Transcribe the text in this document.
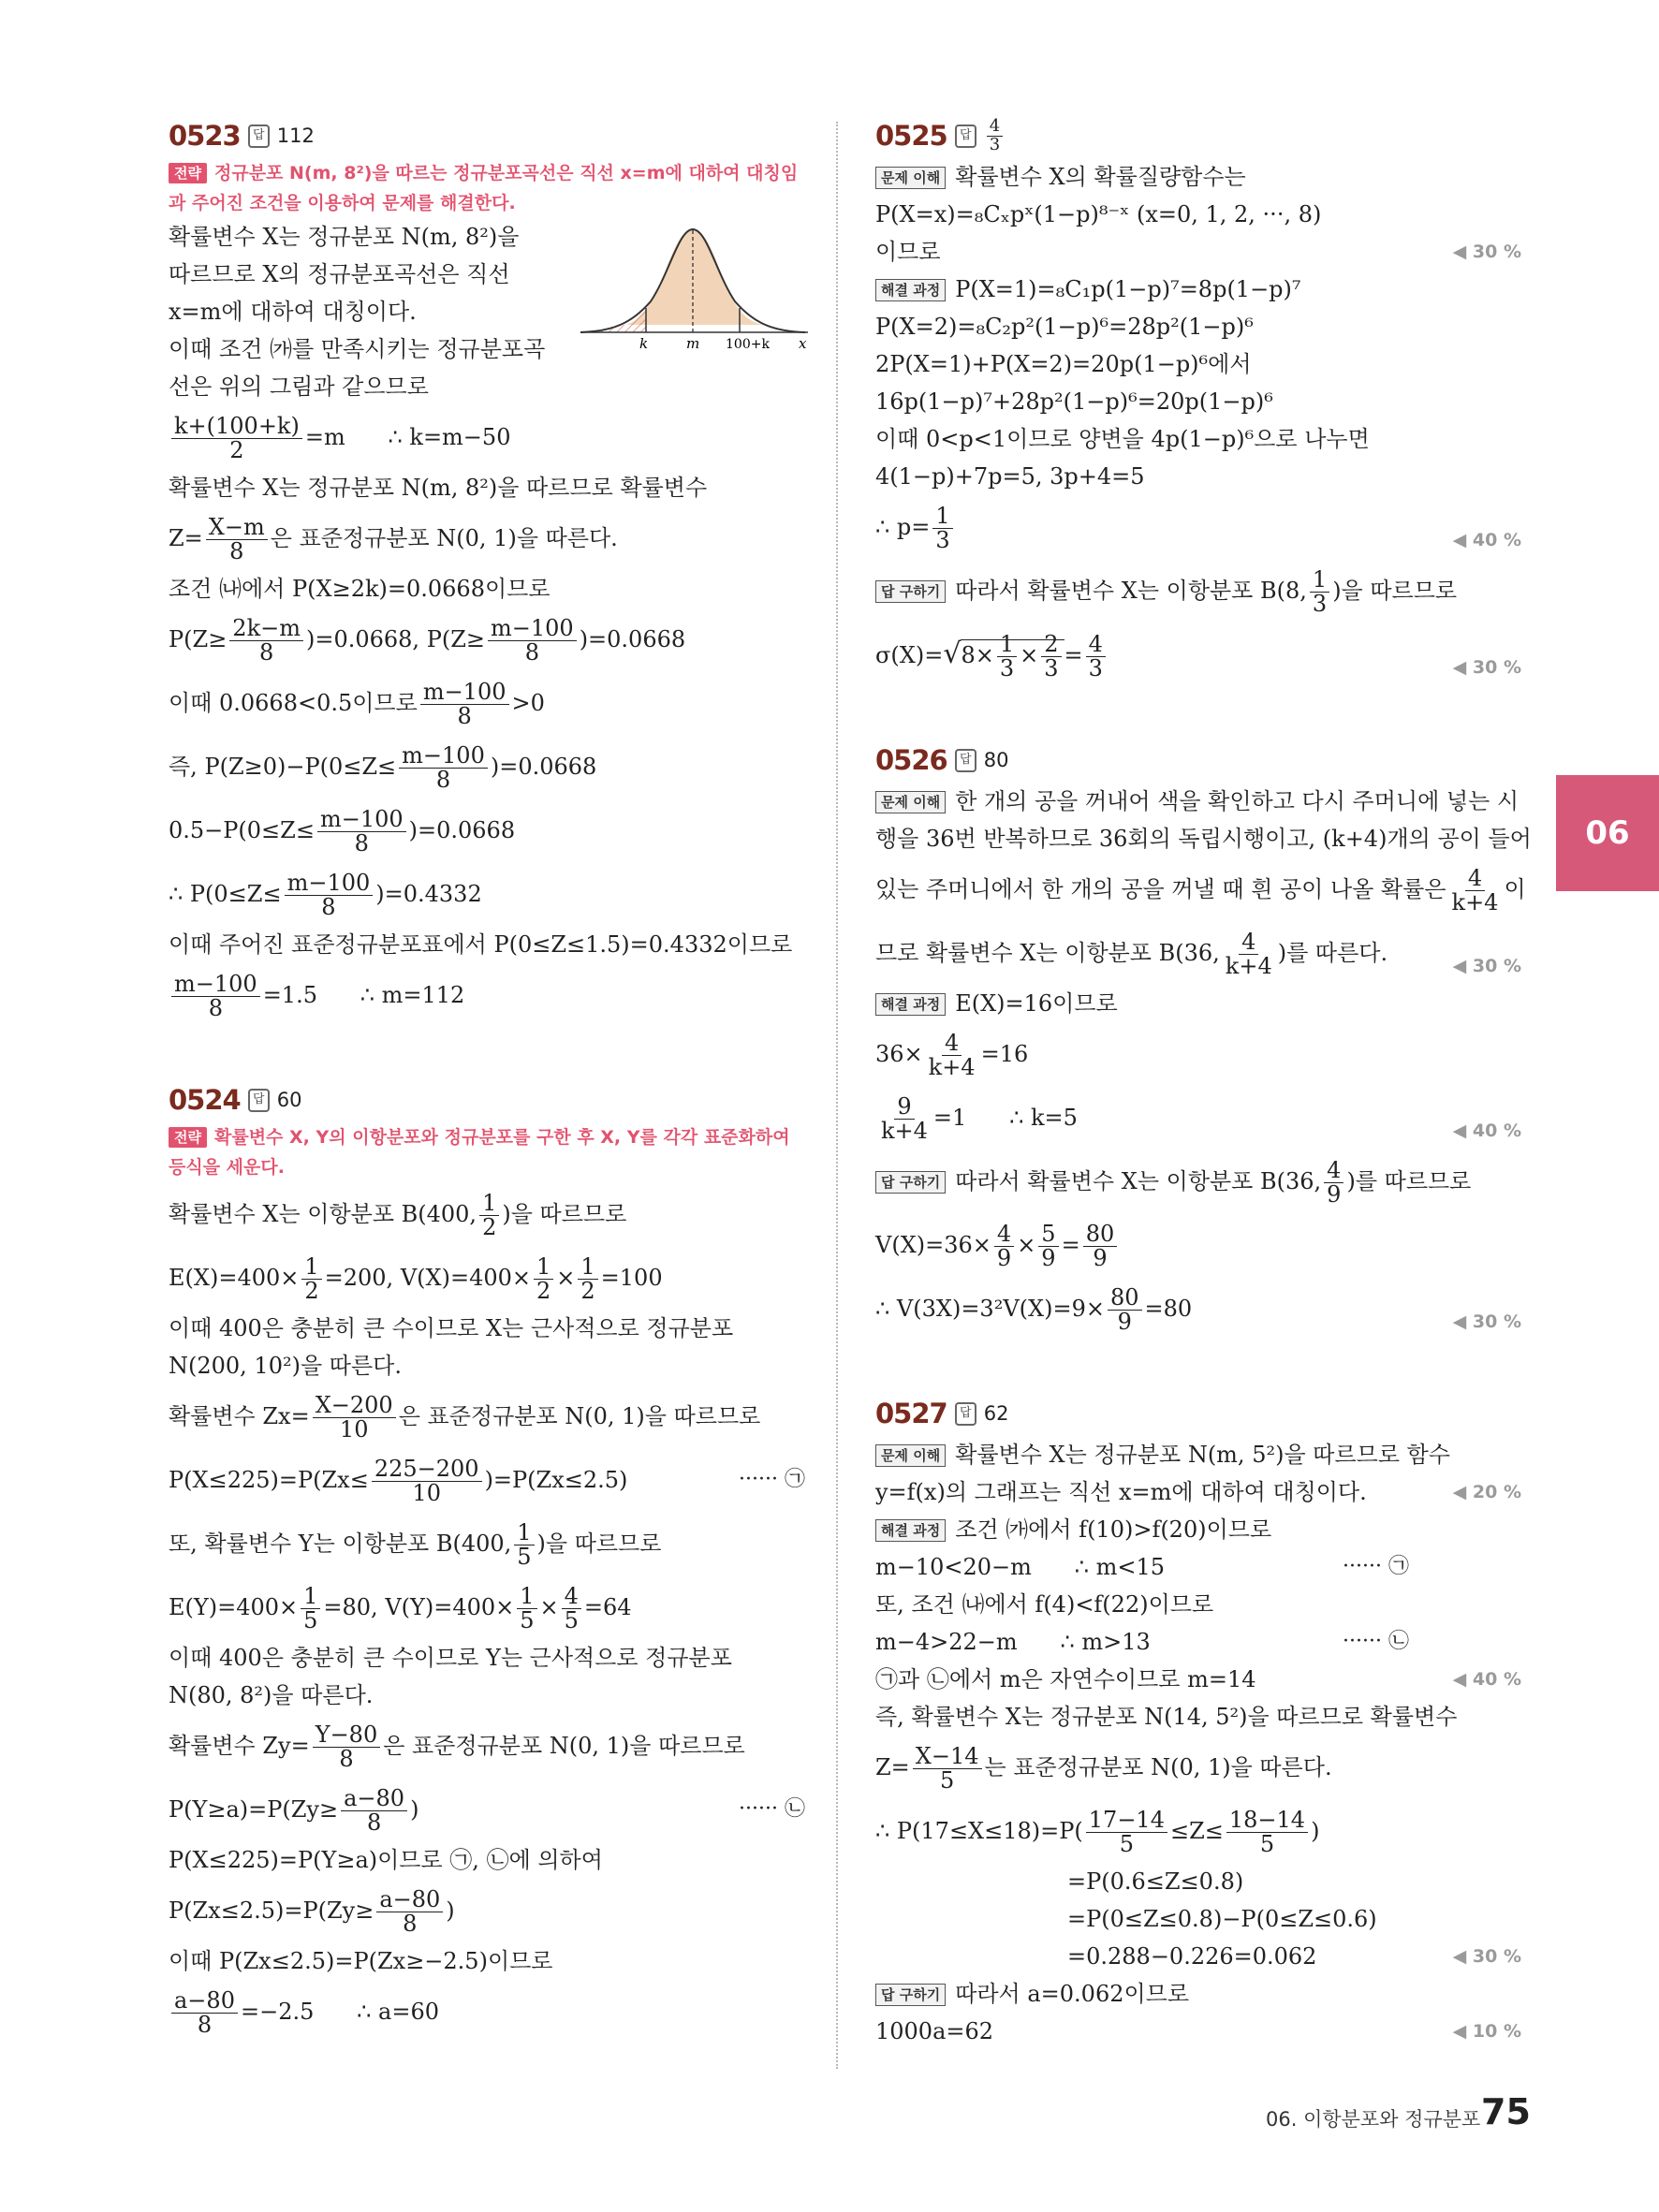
0523	답 112
전략 정규분포 N(m, 8²)을 따르는 정규분포곡선은 직선 x=m에 대하여 대칭임
과 주어진 조건을 이용하여 문제를 해결한다.
확률변수 X는 정규분포 N(m, 8²)을
따르므로 X의 정규분포곡선은 직선
x=m에 대하여 대칭이다.
이때 조건 ㈎를 만족시키는 정규분포곡
선은 위의 그림과 같으므로
k	m 100+k x
$\frac{k+(100+k)}{2} =m$ ∴ k=m−50
확률변수 X는 정규분포 N(m, 8²)을 따르므로 확률변수
$Z= \frac{X-m}{8}$ 은 표준정규분포 N(0, 1)을 따른다.
조건 ㈏에서 P(X≥2k)=0.0668이므로
$P(Z\ge \frac{2k-m}{8} )=0.0668$, $P(Z\ge \frac{m-100}{8} )=0.0668$
이때 0.0668<0.5이므로 $\frac{m-100}{8} >0$
즉, $P(Z\ge 0)-P(0\le Z\le \frac{m-100}{8} )=0.0668$
$0.5-P(0\le Z\le \frac{m-100}{8} )=0.0668$
∴ $P(0\le Z\le \frac{m-100}{8} )=0.4332$
이때 주어진 표준정규분포표에서 P(0≤Z≤1.5)=0.4332이므로
$\frac{m-100}{8} =1.5$ ∴ m=112
0524	답 60
전략 확률변수 X, Y의 이항분포와 정규분포를 구한 후 X, Y를 각각 표준화하여
등식을 세운다.
확률변수 X는 이항분포 B(400, $\frac{1}{2}$ )을 따르므로
$E(X)=400\times \frac{1}{2} =200$, $V(X)=400\times \frac{1}{2} \times \frac{1}{2} =100$
이때 400은 충분히 큰 수이므로 X는 근사적으로 정규분포
N(200, 10²)을 따른다.
확률변수 $Zx= \frac{X-200}{10}$ 은 표준정규분포 N(0, 1)을 따르므로
$P(X\le 225)=P(Zx\le \frac{225-200}{10} )=P(Zx\le 2.5)$	······ ㉠
또, 확률변수 Y는 이항분포 B(400, $\frac{1}{5}$ )을 따르므로
$E(Y)=400\times \frac{1}{5} =80$, $V(Y)=400\times \frac{1}{5} \times \frac{4}{5} =64$
이때 400은 충분히 큰 수이므로 Y는 근사적으로 정규분포
N(80, 8²)을 따른다.
확률변수 $Zy= \frac{Y-80}{8}$ 은 표준정규분포 N(0, 1)을 따르므로
$P(Y\ge a)=P(Zy\ge \frac{a-80}{8}$ )	······ ㉡
P(X≤225)=P(Y≥a)이므로 ㉠, ㉡에 의하여
$P(Zx\le 2.5)=P(Zy\ge \frac{a-80}{8}$ )
이때 P(Zx≤2.5)=P(Zx≥−2.5)이므로
$\frac{a-80}{8} =-2.5$ ∴ a=60
0525	답 $\frac{4}{3}$
문제 이해 확률변수 X의 확률질량함수는
P(X=x)=₈Cₓpˣ(1−p)⁸⁻ˣ (x=0, 1, 2, ···, 8)
이므로	◀ 30 %
해결 과정 P(X=1)=₈C₁p(1−p)⁷=8p(1−p)⁷
P(X=2)=₈C₂p²(1−p)⁶=28p²(1−p)⁶
2P(X=1)+P(X=2)=20p(1−p)⁶에서
16p(1−p)⁷+28p²(1−p)⁶=20p(1−p)⁶
이때 0<p<1이므로 양변을 4p(1−p)⁶으로 나누면
4(1−p)+7p=5, 3p+4=5
∴ $p= \frac{1}{3}$	◀ 40 %
답 구하기 따라서 확률변수 X는 이항분포 B(8, $\frac{1}{3}$ )을 따르므로
$\sigma(X)=√8\times \frac{1}{3} \times \frac{2}{3} = \frac{4}{3}$	◀ 30 %
0526	답 80
문제 이해 한 개의 공을 꺼내어 색을 확인하고 다시 주머니에 넣는 시
행을 36번 반복하므로 36회의 독립시행이고, (k+4)개의 공이 들어
있는 주머니에서 한 개의 공을 꺼낼 때 흰 공이 나올 확률은 $\frac{4}{k+4}$ 이
므로 확률변수 X는 이항분포 B(36, $\frac{4}{k+4}$ )를 따른다.	◀ 30 %
해결 과정 E(X)=16이므로
$36\times \frac{4}{k+4} =16$
$\frac{9}{k+4} =1$ ∴ k=5	◀ 40 %
답 구하기 따라서 확률변수 X는 이항분포 B(36, $\frac{4}{9}$ )를 따르므로
$V(X)=36\times \frac{4}{9} \times \frac{5}{9} = \frac{80}{9}$
∴ $V(3X)=3^2V(X)=9\times \frac{80}{9} =80$	◀ 30 %
0527	답 62
문제 이해 확률변수 X는 정규분포 N(m, 5²)을 따르므로 함수
y=f(x)의 그래프는 직선 x=m에 대하여 대칭이다.	◀ 20 %
해결 과정 조건 ㈎에서 f(10)>f(20)이므로
m−10<20−m ∴ m<15	······ ㉠
또, 조건 ㈏에서 f(4)<f(22)이므로
m−4>22−m ∴ m>13	······ ㉡
㉠과 ㉡에서 m은 자연수이므로 m=14	◀ 40 %
즉, 확률변수 X는 정규분포 N(14, 5²)을 따르므로 확률변수
$Z= \frac{X-14}{5}$ 는 표준정규분포 N(0, 1)을 따른다.
∴ $P(17\le X\le 18)=P( \frac{17-14}{5} \le Z\le \frac{18-14}{5}$ )
=P(0.6≤Z≤0.8)
=P(0≤Z≤0.8)−P(0≤Z≤0.6)
=0.288−0.226=0.062	◀ 30 %
답 구하기 따라서 a=0.062이므로
1000a=62	◀ 10 %
06
06. 이항분포와 정규분포 75
